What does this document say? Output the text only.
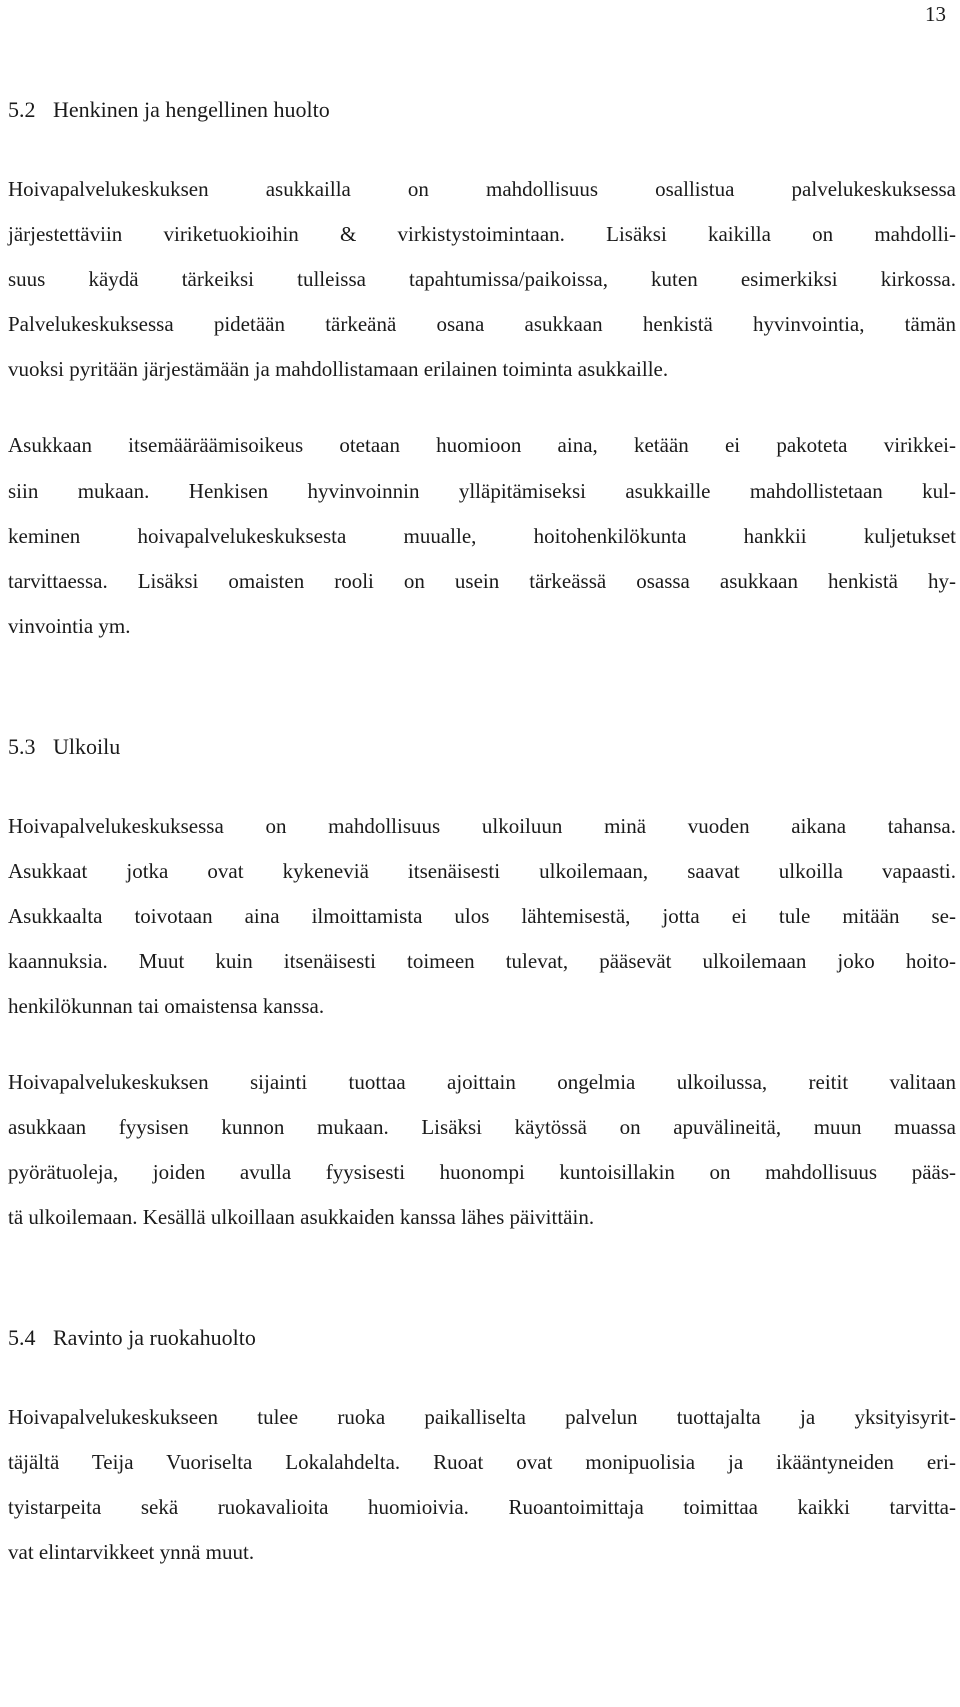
13
5.2 Henkinen ja hengellinen huolto
Hoivapalvelukeskuksen asukkailla on mahdollisuus osallistua palvelukeskuksessa
järjestettäviin viriketuokioihin & virkistystoimintaan. Lisäksi kaikilla on mahdolli-
suus käydä tärkeiksi tulleissa tapahtumissa/paikoissa, kuten esimerkiksi kirkossa.
Palvelukeskuksessa pidetään tärkeänä osana asukkaan henkistä hyvinvointia, tämän
vuoksi pyritään järjestämään ja mahdollistamaan erilainen toiminta asukkaille.
Asukkaan itsemääräämisoikeus otetaan huomioon aina, ketään ei pakoteta virikkei-
siin mukaan. Henkisen hyvinvoinnin ylläpitämiseksi asukkaille mahdollistetaan kul-
keminen hoivapalvelukeskuksesta muualle, hoitohenkilökunta hankkii kuljetukset
tarvittaessa. Lisäksi omaisten rooli on usein tärkeässä osassa asukkaan henkistä hy-
vinvointia ym.
5.3 Ulkoilu
Hoivapalvelukeskuksessa on mahdollisuus ulkoiluun minä vuoden aikana tahansa.
Asukkaat jotka ovat kykeneviä itsenäisesti ulkoilemaan, saavat ulkoilla vapaasti.
Asukkaalta toivotaan aina ilmoittamista ulos lähtemisestä, jotta ei tule mitään se-
kaannuksia. Muut kuin itsenäisesti toimeen tulevat, pääsevät ulkoilemaan joko hoito-
henkilökunnan tai omaistensa kanssa.
Hoivapalvelukeskuksen sijainti tuottaa ajoittain ongelmia ulkoilussa, reitit valitaan
asukkaan fyysisen kunnon mukaan. Lisäksi käytössä on apuvälineitä, muun muassa
pyörätuoleja, joiden avulla fyysisesti huonompi kuntoisillakin on mahdollisuus pääs-
tä ulkoilemaan. Kesällä ulkoillaan asukkaiden kanssa lähes päivittäin.
5.4 Ravinto ja ruokahuolto
Hoivapalvelukeskukseen tulee ruoka paikalliselta palvelun tuottajalta ja yksityisyrit-
täjältä Teija Vuoriselta Lokalahdelta. Ruoat ovat monipuolisia ja ikääntyneiden eri-
tyistarpeita sekä ruokavalioita huomioivia. Ruoantoimittaja toimittaa kaikki tarvitta-
vat elintarvikkeet ynnä muut.
